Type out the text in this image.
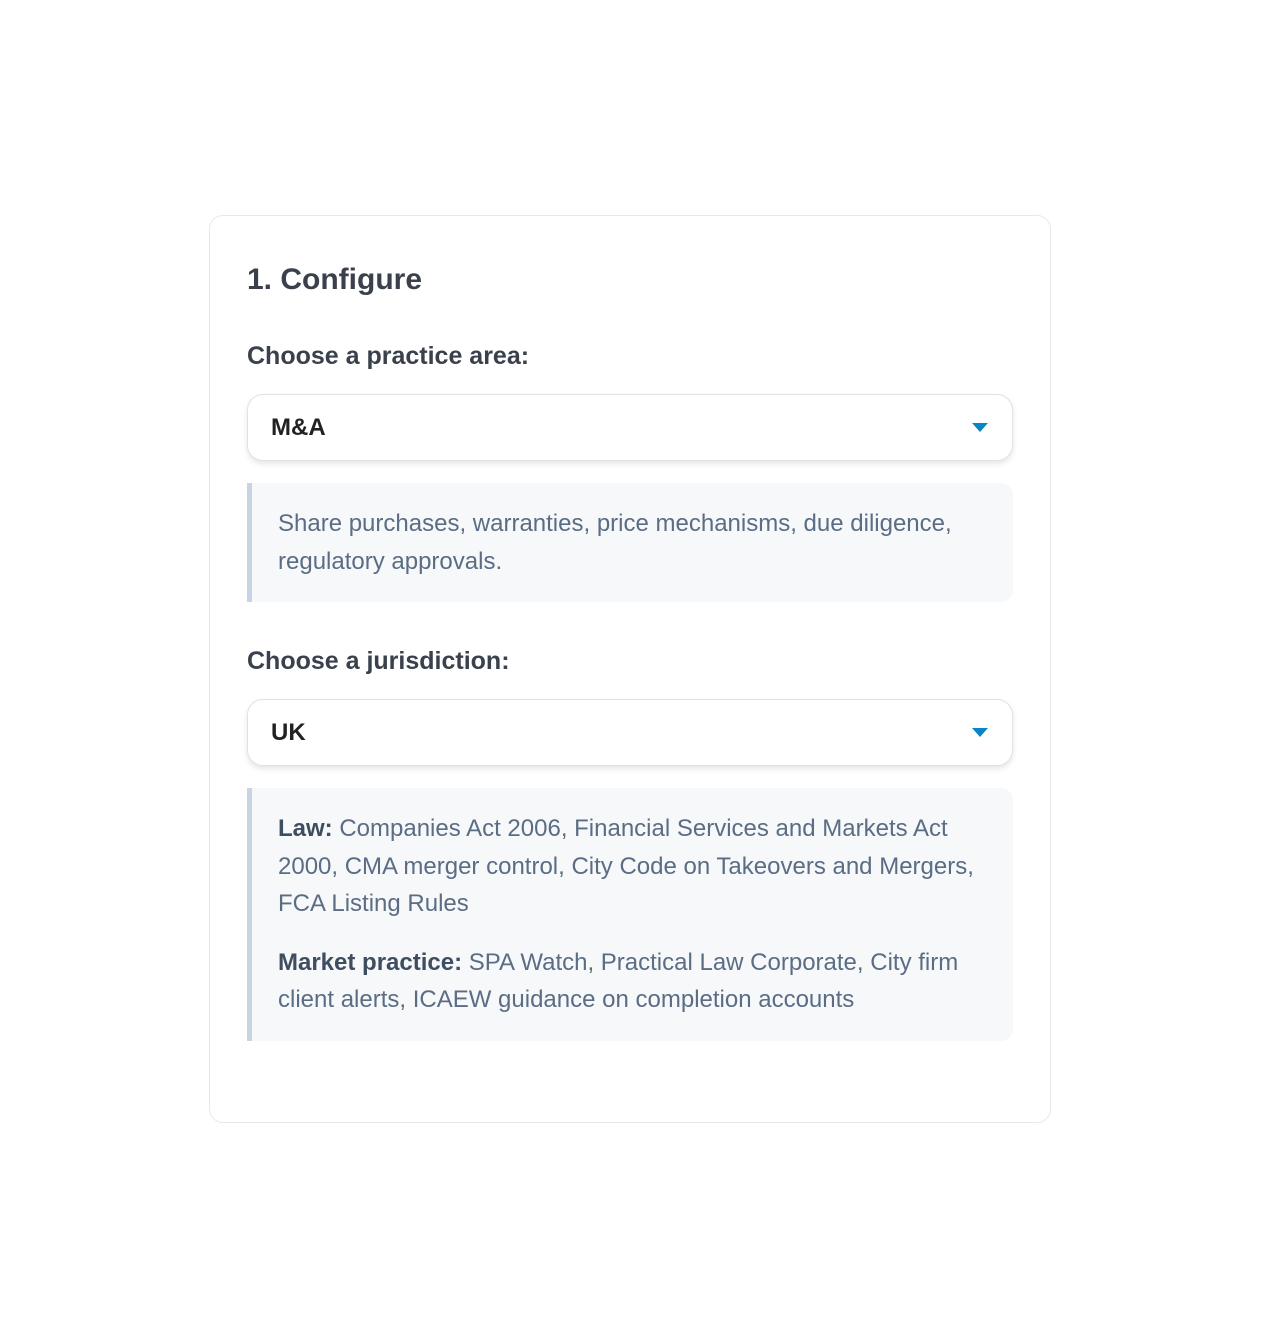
1. Configure
Choose a practice area:
M&A

Share purchases, warranties, price mechanisms, due diligence, regulatory approvals.

Choose a jurisdiction:
UK

Law: Companies Act 2006, Financial Services and Markets Act 2000, CMA merger control, City Code on Takeovers and Mergers, FCA Listing Rules

Market practice: SPA Watch, Practical Law Corporate, City firm client alerts, ICAEW guidance on completion accounts
